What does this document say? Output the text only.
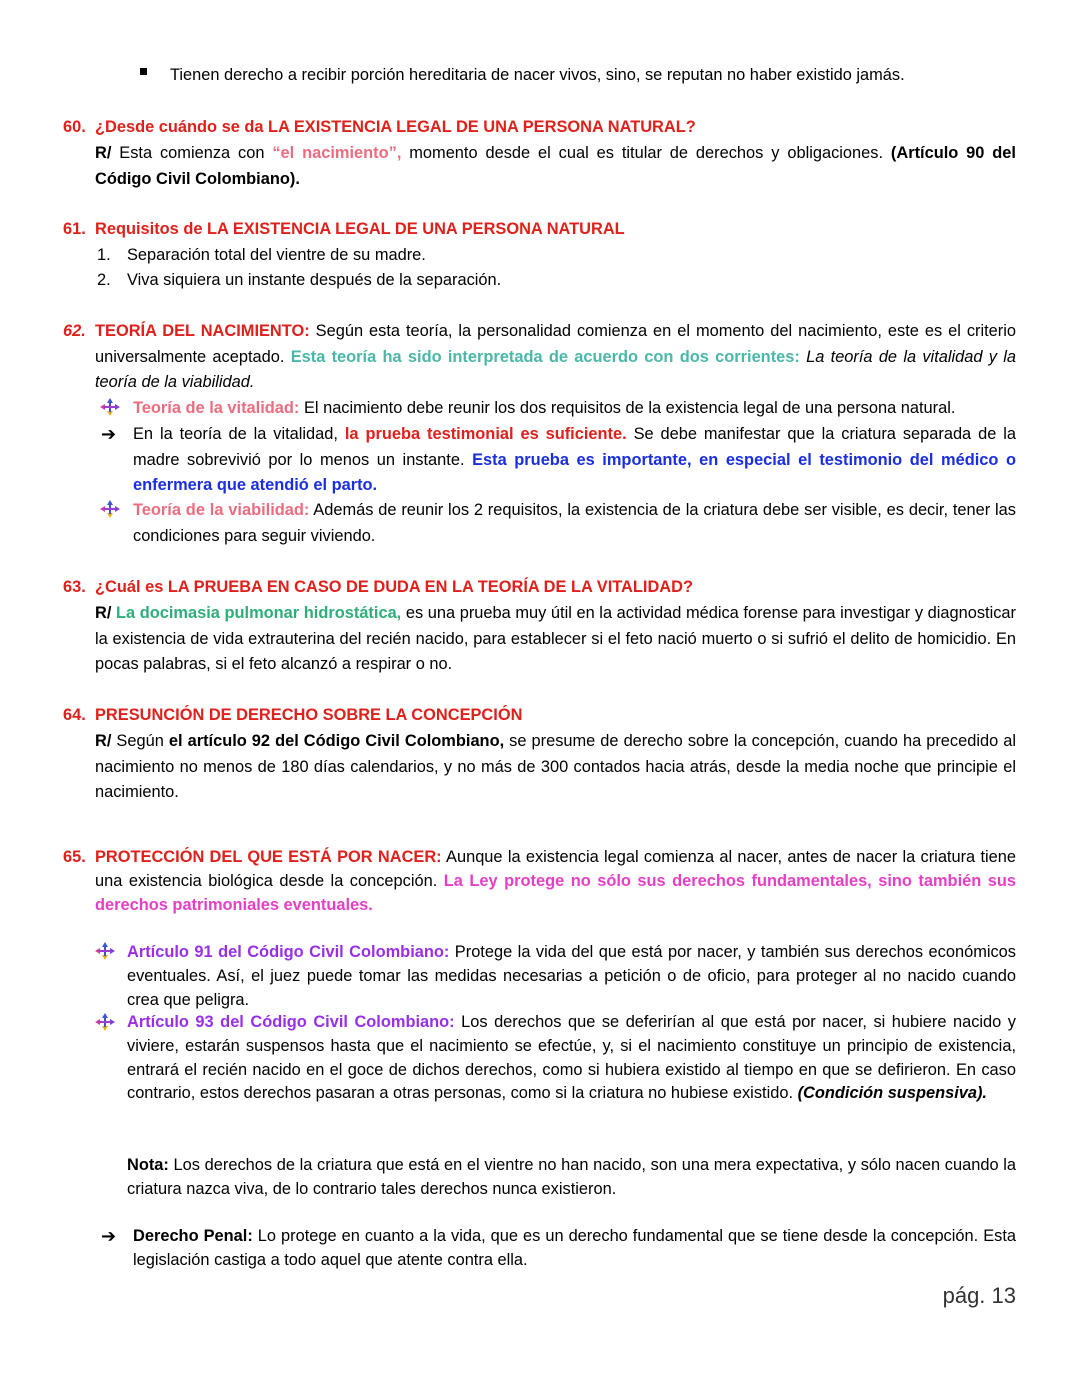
Tienen derecho a recibir porción hereditaria de nacer vivos, sino, se reputan no haber existido jamás.
60. ¿Desde cuándo se da LA EXISTENCIA LEGAL DE UNA PERSONA NATURAL?
R/ Esta comienza con “el nacimiento”, momento desde el cual es titular de derechos y obligaciones. (Artículo 90 del Código Civil Colombiano).
61. Requisitos de LA EXISTENCIA LEGAL DE UNA PERSONA NATURAL
1. Separación total del vientre de su madre.
2. Viva siquiera un instante después de la separación.
62. TEORÍA DEL NACIMIENTO: Según esta teoría, la personalidad comienza en el momento del nacimiento, este es el criterio universalmente aceptado. Esta teoría ha sido interpretada de acuerdo con dos corrientes: La teoría de la vitalidad y la teoría de la viabilidad.
Teoría de la vitalidad: El nacimiento debe reunir los dos requisitos de la existencia legal de una persona natural.
➔ En la teoría de la vitalidad, la prueba testimonial es suficiente. Se debe manifestar que la criatura separada de la madre sobrevivió por lo menos un instante. Esta prueba es importante, en especial el testimonio del médico o enfermera que atendió el parto.
Teoría de la viabilidad: Además de reunir los 2 requisitos, la existencia de la criatura debe ser visible, es decir, tener las condiciones para seguir viviendo.
63. ¿Cuál es LA PRUEBA EN CASO DE DUDA EN LA TEORÍA DE LA VITALIDAD?
R/ La docimasia pulmonar hidrostática, es una prueba muy útil en la actividad médica forense para investigar y diagnosticar la existencia de vida extrauterina del recién nacido, para establecer si el feto nació muerto o si sufrió el delito de homicidio. En pocas palabras, si el feto alcanzó a respirar o no.
64. PRESUNCIÓN DE DERECHO SOBRE LA CONCEPCIÓN
R/ Según el artículo 92 del Código Civil Colombiano, se presume de derecho sobre la concepción, cuando ha precedido al nacimiento no menos de 180 días calendarios, y no más de 300 contados hacia atrás, desde la media noche que principie el nacimiento.
65. PROTECCIÓN DEL QUE ESTÁ POR NACER: Aunque la existencia legal comienza al nacer, antes de nacer la criatura tiene una existencia biológica desde la concepción. La Ley protege no sólo sus derechos fundamentales, sino también sus derechos patrimoniales eventuales.
Artículo 91 del Código Civil Colombiano: Protege la vida del que está por nacer, y también sus derechos económicos eventuales. Así, el juez puede tomar las medidas necesarias a petición o de oficio, para proteger al no nacido cuando crea que peligra.
Artículo 93 del Código Civil Colombiano: Los derechos que se deferirían al que está por nacer, si hubiere nacido y viviere, estarán suspensos hasta que el nacimiento se efectúe, y, si el nacimiento constituye un principio de existencia, entrará el recién nacido en el goce de dichos derechos, como si hubiera existido al tiempo en que se defirieron. En caso contrario, estos derechos pasaran a otras personas, como si la criatura no hubiese existido. (Condición suspensiva).
Nota: Los derechos de la criatura que está en el vientre no han nacido, son una mera expectativa, y sólo nacen cuando la criatura nazca viva, de lo contrario tales derechos nunca existieron.
➔ Derecho Penal: Lo protege en cuanto a la vida, que es un derecho fundamental que se tiene desde la concepción. Esta legislación castiga a todo aquel que atente contra ella.
pág. 13
